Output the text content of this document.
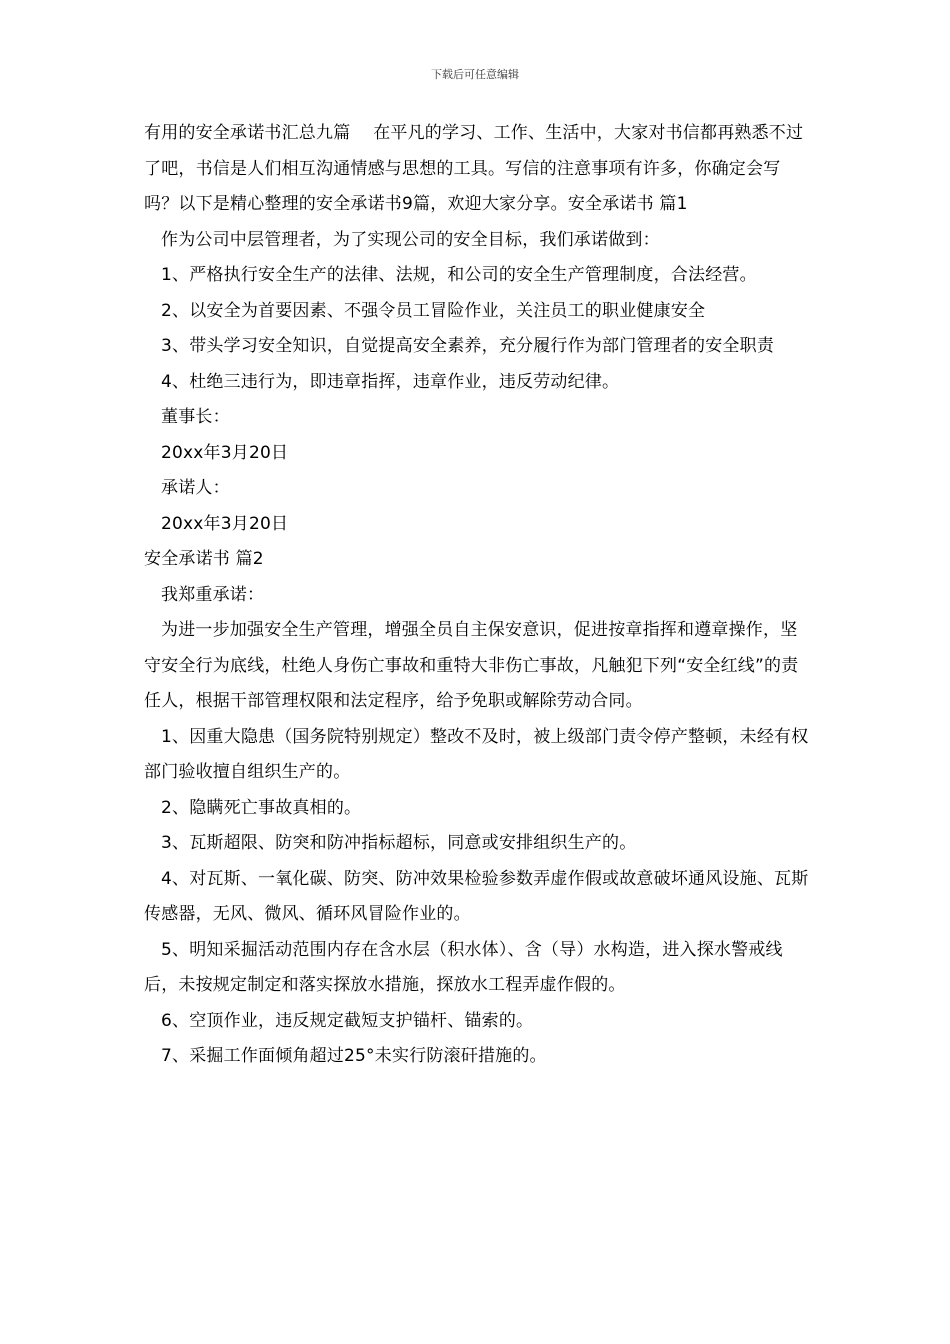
下载后可任意编辑

有用的安全承诺书汇总九篇　 在平凡的学习、工作、生活中，大家对书信都再熟悉不过了吧，书信是人们相互沟通情感与思想的工具。写信的注意事项有许多，你确定会写吗？以下是精心整理的安全承诺书9篇，欢迎大家分享。安全承诺书 篇1

作为公司中层管理者，为了实现公司的安全目标，我们承诺做到：

1、严格执行安全生产的法律、法规，和公司的安全生产管理制度，合法经营。

2、以安全为首要因素、不强令员工冒险作业，关注员工的职业健康安全

3、带头学习安全知识，自觉提高安全素养，充分履行作为部门管理者的安全职责

4、杜绝三违行为，即违章指挥，违章作业，违反劳动纪律。

董事长：

20xx年3月20日

承诺人：

20xx年3月20日

安全承诺书 篇2

我郑重承诺：

为进一步加强安全生产管理，增强全员自主保安意识，促进按章指挥和遵章操作，坚守安全行为底线，杜绝人身伤亡事故和重特大非伤亡事故，凡触犯下列“安全红线”的责任人，根据干部管理权限和法定程序，给予免职或解除劳动合同。

1、因重大隐患（国务院特别规定）整改不及时，被上级部门责令停产整顿，未经有权部门验收擅自组织生产的。

2、隐瞒死亡事故真相的。

3、瓦斯超限、防突和防冲指标超标，同意或安排组织生产的。

4、对瓦斯、一氧化碳、防突、防冲效果检验参数弄虚作假或故意破坏通风设施、瓦斯传感器，无风、微风、循环风冒险作业的。

5、明知采掘活动范围内存在含水层（积水体）、含（导）水构造，进入探水警戒线后，未按规定制定和落实探放水措施，探放水工程弄虚作假的。

6、空顶作业，违反规定截短支护锚杆、锚索的。

7、采掘工作面倾角超过25°未实行防滚矸措施的。
